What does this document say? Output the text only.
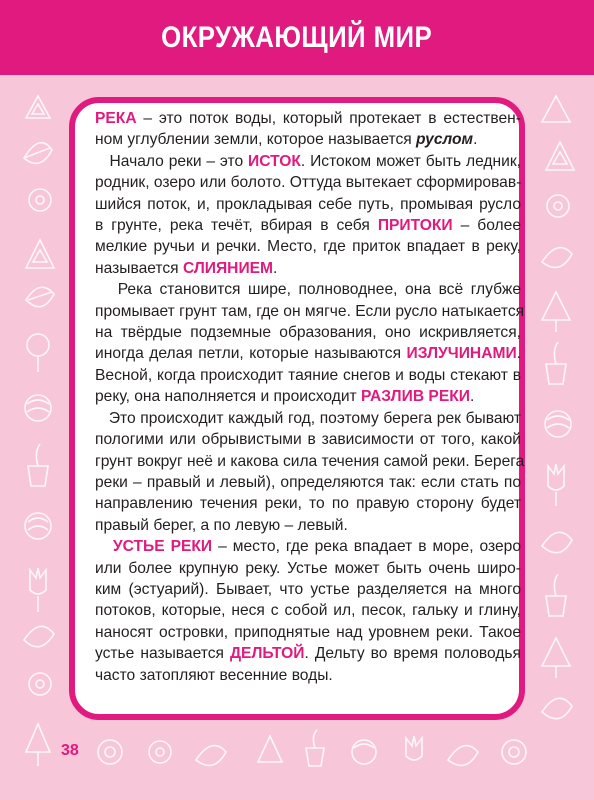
ОКРУЖАЮЩИЙ МИР
РЕКА – это поток воды, который протекает в естествен-
ном углублении земли, которое называется руслом.
Начало реки – это ИСТОК. Истоком может быть ледник,
родник, озеро или болото. Оттуда вытекает сформировав-
шийся поток, и, прокладывая себе путь, промывая русло
в грунте, река течёт, вбирая в себя ПРИТОКИ – более
мелкие ручьи и речки. Место, где приток впадает в реку,
называется СЛИЯНИЕМ.
Река становится шире, полноводнее, она всё глубже
промывает грунт там, где он мягче. Если русло натыкается
на твёрдые подземные образования, оно искривляется,
иногда делая петли, которые называются ИЗЛУЧИНАМИ.
Весной, когда происходит таяние снегов и воды стекают в
реку, она наполняется и происходит РАЗЛИВ РЕКИ.
Это происходит каждый год, поэтому берега рек бывают
пологими или обрывистыми в зависимости от того, какой
грунт вокруг неё и какова сила течения самой реки. Берега
реки – правый и левый), определяются так: если стать по
направлению течения реки, то по правую сторону будет
правый берег, а по левую – левый.
УСТЬЕ РЕКИ – место, где река впадает в море, озеро
или более крупную реку. Устье может быть очень широ-
ким (эстуарий). Бывает, что устье разделяется на много
потоков, которые, неся с собой ил, песок, гальку и глину,
наносят островки, приподнятые над уровнем реки. Такое
устье называется ДЕЛЬТОЙ. Дельту во время половодья
часто затопляют весенние воды.
38
